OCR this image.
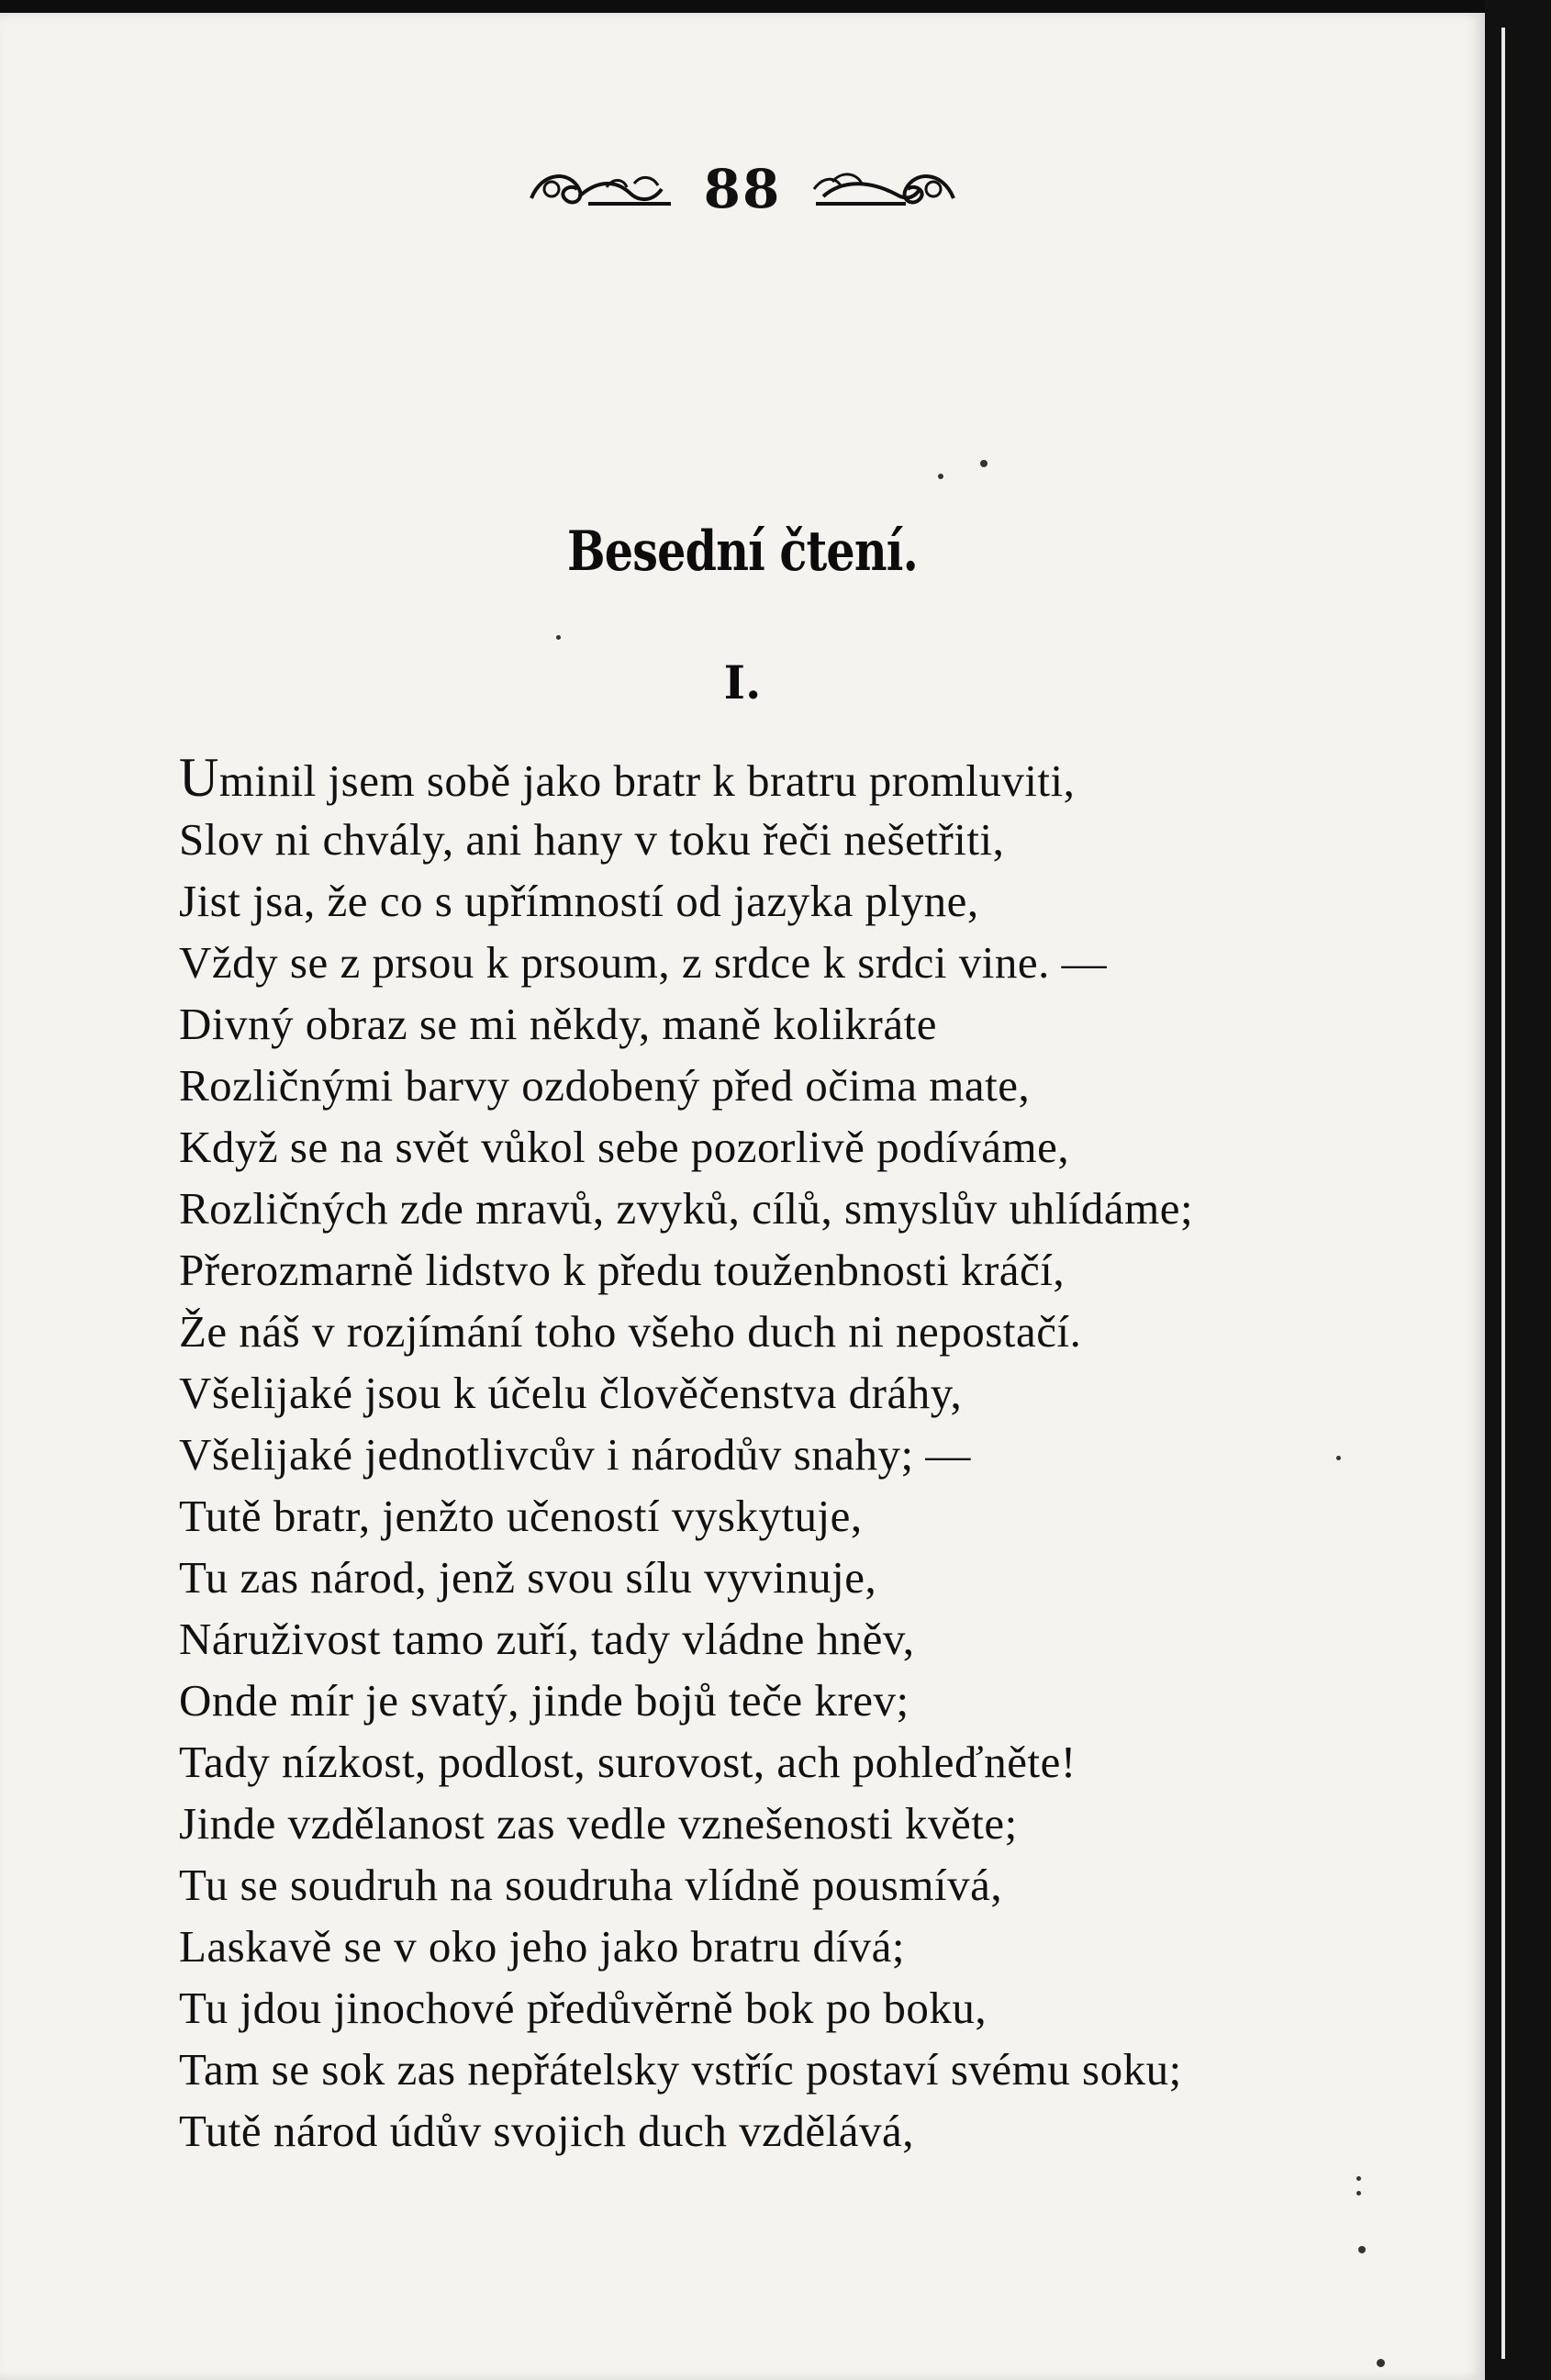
88
Besední čtení.
I.
Uminil jsem sobě jako bratr k bratru promluviti,
Slov ni chvály, ani hany v toku řeči nešetřiti,
Jist jsa, že co s upřímností od jazyka plyne,
Vždy se z prsou k prsoum, z srdce k srdci vine. —
Divný obraz se mi někdy, maně kolikráte
Rozličnými barvy ozdobený před očima mate,
Když se na svět vůkol sebe pozorlivě podíváme,
Rozličných zde mravů, zvyků, cílů, smyslův uhlídáme;
Přerozmarně lidstvo k předu touženbnosti kráčí,
Že náš v rozjímání toho všeho duch ni nepostačí.
Všelijaké jsou k účelu člověčenstva dráhy,
Všelijaké jednotlivcův i národův snahy; —
Tutě bratr, jenžto učeností vyskytuje,
Tu zas národ, jenž svou sílu vyvinuje,
Náruživost tamo zuří, tady vládne hněv,
Onde mír je svatý, jinde bojů teče krev;
Tady nízkost, podlost, surovost, ach pohleďněte!
Jinde vzdělanost zas vedle vznešenosti květe;
Tu se soudruh na soudruha vlídně pousmívá,
Laskavě se v oko jeho jako bratru dívá;
Tu jdou jinochové předůvěrně bok po boku,
Tam se sok zas nepřátelsky vstříc postaví svému soku;
Tutě národ údův svojich duch vzdělává,
